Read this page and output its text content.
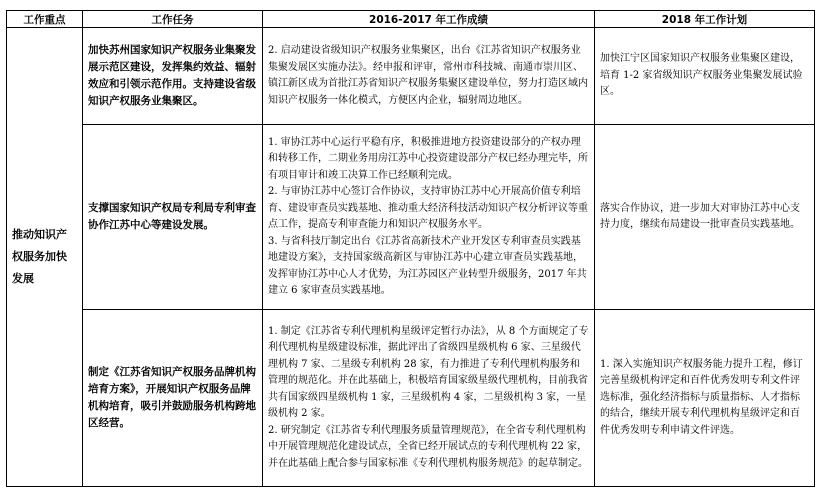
工作重点	工作任务	2016-2017 年工作成绩	2018 年工作计划
推动知识产权服务加快发展	加快苏州国家知识产权服务业集聚发展示范区建设，发挥集约效益、辐射效应和引领示范作用。支持建设省级知识产权服务业集聚区。	2. 启动建设省级知识产权服务业集聚区，出台《江苏省知识产权服务业集聚发展区实施办法》。经申报和评审，常州市科技城、南通市崇川区、镇江新区成为首批江苏省知识产权服务集聚区建设单位，努力打造区域内知识产权服务一体化模式，方便区内企业，辐射周边地区。	加快江宁区国家知识产权服务业集聚区建设，培育 1-2 家省级知识产权服务业集聚发展试验区。
	支撑国家知识产权局专利局专利审查协作江苏中心等建设发展。	1. 审协江苏中心运行平稳有序，积极推进地方投资建设部分的产权办理和转移工作，二期业务用房江苏中心投资建设部分产权已经办理完毕，所有项目审计和竣工决算工作已经顺利完成。

2. 与审协江苏中心签订合作协议，支持审协江苏中心开展高价值专利培育、建设审查员实践基地、推动重大经济科技活动知识产权分析评议等重点工作，提高专利审查能力和知识产权服务水平。

3. 与省科技厅制定出台《江苏省高新技术产业开发区专利审查员实践基地建设方案》，支持国家级高新区与审协江苏中心建立审查员实践基地，发挥审协江苏中心人才优势，为江苏园区产业转型升级服务，2017 年共建立 6 家审查员实践基地。	落实合作协议，进一步加大对审协江苏中心支持力度，继续布局建设一批审查员实践基地。
	制定《江苏省知识产权服务品牌机构培育方案》，开展知识产权服务品牌机构培育，吸引并鼓励服务机构跨地区经营。	1. 制定《江苏省专利代理机构星级评定暂行办法》，从 8 个方面规定了专利代理机构星级建设标准，据此评出了省级四星级机构 6 家、三星级代理机构 7 家、二星级专利机构 28 家，有力推进了专利代理机构服务和管理的规范化。并在此基础上，积极培育国家级星级代理机构，目前我省共有国家级四星级机构 1 家，三星级机构 4 家，二星级机构 3 家，一星级机构 2 家。

2. 研究制定《江苏省专利代理服务质量管理规范》，在全省专利代理机构中开展管理规范化建设试点，全省已经开展试点的专利代理机构 22 家，并在此基础上配合参与国家标准《专利代理机构服务规范》的起草制定。	1. 深入实施知识产权服务能力提升工程，修订完善星级机构评定和百件优秀发明专利文件评选标准，强化经济指标与质量指标、人才指标的结合，继续开展专利代理机构星级评定和百件优秀发明专利申请文件评选。
